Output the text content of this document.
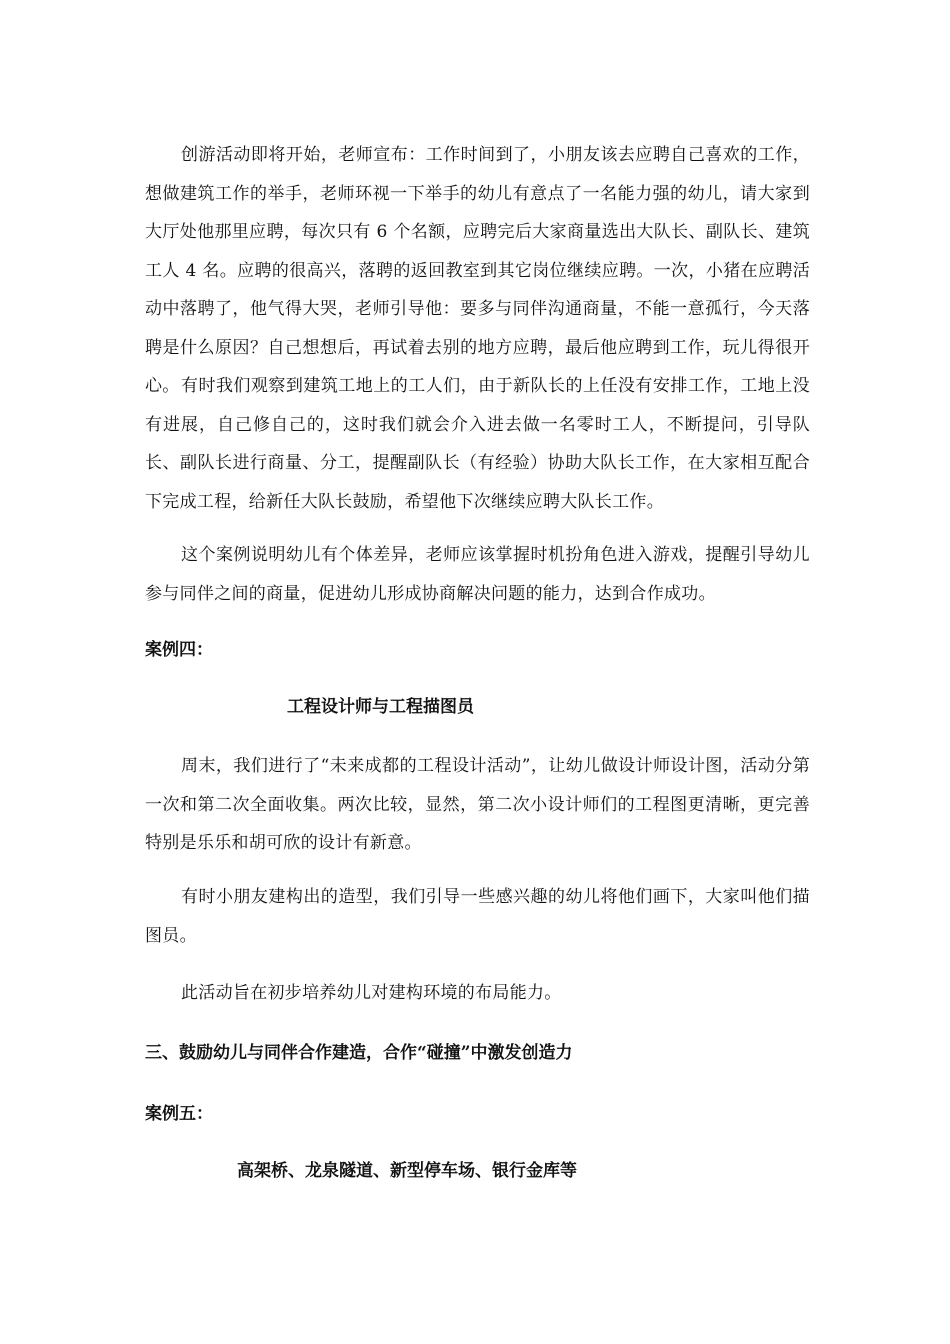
创游活动即将开始，老师宣布：工作时间到了，小朋友该去应聘自己喜欢的工作，想做建筑工作的举手，老师环视一下举手的幼儿有意点了一名能力强的幼儿，请大家到大厅处他那里应聘，每次只有 6 个名额，应聘完后大家商量选出大队长、副队长、建筑工人 4 名。应聘的很高兴，落聘的返回教室到其它岗位继续应聘。一次，小猪在应聘活动中落聘了，他气得大哭，老师引导他：要多与同伴沟通商量，不能一意孤行，今天落聘是什么原因？自己想想后，再试着去别的地方应聘，最后他应聘到工作，玩儿得很开心。 有时我们观察到建筑工地上的工人们，由于新队长的上任没有安排工作，工地上没有进展，自己修自己的，这时我们就会介入进去做一名零时工人，不断提问，引导队长、副队长进行商量、分工，提醒副队长（有经验）协助大队长工作，在大家相互配合下完成工程，给新任大队长鼓励，希望他下次继续应聘大队长工作。

这个案例说明幼儿有个体差异，老师应该掌握时机扮角色进入游戏，提醒引导幼儿参与同伴之间的商量，促进幼儿形成协商解决问题的能力，达到合作成功。

案例四：
工程设计师与工程描图员

周末，我们进行了“未来成都的工程设计活动”，让幼儿做设计师设计图，活动分第一次和第二次全面收集。两次比较，显然，第二次小设计师们的工程图更清晰，更完善特别是乐乐和胡可欣的设计有新意。

有时小朋友建构出的造型，我们引导一些感兴趣的幼儿将他们画下，大家叫他们描图员。

此活动旨在初步培养幼儿对建构环境的布局能力。

三、鼓励幼儿与同伴合作建造，合作“碰撞”中激发创造力
案例五：
高架桥、龙泉隧道、新型停车场、银行金库等
